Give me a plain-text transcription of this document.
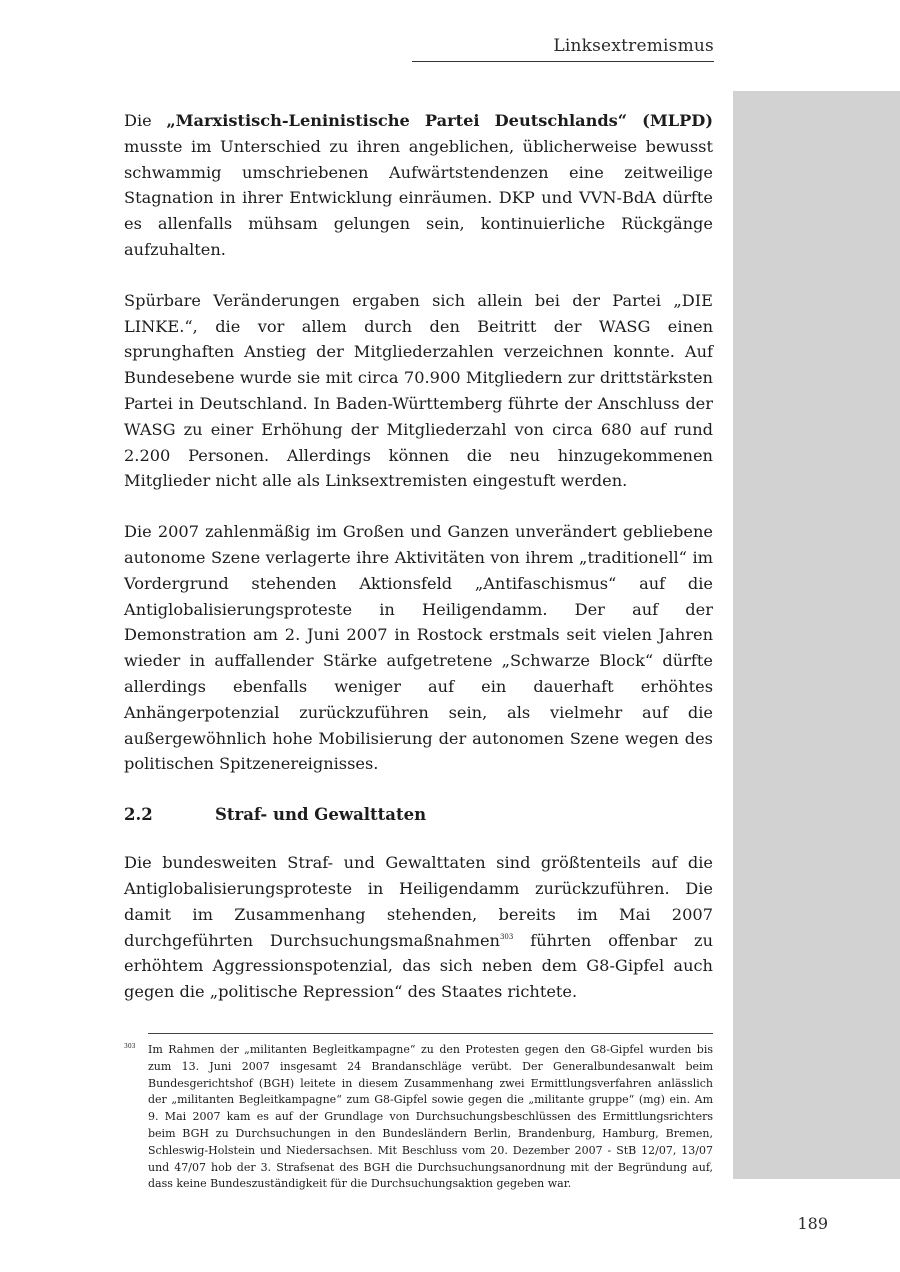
Linksextremismus

Die „Marxistisch-Leninistische Partei Deutschlands“ (MLPD) musste im Unterschied zu ihren angeblichen, üblicherweise bewusst schwammig umschriebenen Aufwärtstendenzen eine zeitweilige Stagnation in ihrer Entwicklung einräumen. DKP und VVN-BdA dürfte es allenfalls mühsam gelungen sein, kontinuierliche Rückgänge aufzuhalten.

Spürbare Veränderungen ergaben sich allein bei der Partei „DIE LINKE.“, die vor allem durch den Beitritt der WASG einen sprunghaften Anstieg der Mitgliederzahlen verzeichnen konnte. Auf Bundesebene wurde sie mit circa 70.900 Mitgliedern zur drittstärksten Partei in Deutschland. In Baden-Württemberg führte der Anschluss der WASG zu einer Erhöhung der Mitgliederzahl von circa 680 auf rund 2.200 Personen. Allerdings können die neu hinzugekommenen Mitglieder nicht alle als Linksextremisten eingestuft werden.

Die 2007 zahlenmäßig im Großen und Ganzen unverändert gebliebene autonome Szene verlagerte ihre Aktivitäten von ihrem „traditionell“ im Vordergrund stehenden Aktionsfeld „Antifaschismus“ auf die Antiglobalisierungsproteste in Heiligendamm. Der auf der Demonstration am 2. Juni 2007 in Rostock erstmals seit vielen Jahren wieder in auffallender Stärke aufgetretene „Schwarze Block“ dürfte allerdings ebenfalls weniger auf ein dauerhaft erhöhtes Anhängerpotenzial zurückzuführen sein, als vielmehr auf die außergewöhnlich hohe Mobilisierung der autonomen Szene wegen des politischen Spitzenereignisses.

2.2	Straf- und Gewalttaten

Die bundesweiten Straf- und Gewalttaten sind größtenteils auf die Antiglobalisierungsproteste in Heiligendamm zurückzuführen. Die damit im Zusammenhang stehenden, bereits im Mai 2007 durchgeführten Durchsuchungsmaßnahmen$^{303}$ führten offenbar zu erhöhtem Aggressionspotenzial, das sich neben dem G8-Gipfel auch gegen die „politische Repression“ des Staates richtete.

303 Im Rahmen der „militanten Begleitkampagne“ zu den Protesten gegen den G8-Gipfel wurden bis zum 13. Juni 2007 insgesamt 24 Brandanschläge verübt. Der Generalbundesanwalt beim Bundesgerichtshof (BGH) leitete in diesem Zusammenhang zwei Ermittlungsverfahren anlässlich der „militanten Begleitkampagne“ zum G8-Gipfel sowie gegen die „militante gruppe“ (mg) ein. Am 9. Mai 2007 kam es auf der Grundlage von Durchsuchungsbeschlüssen des Ermittlungsrichters beim BGH zu Durchsuchungen in den Bundesländern Berlin, Brandenburg, Hamburg, Bremen, Schleswig-Holstein und Niedersachsen. Mit Beschluss vom 20. Dezember 2007 - StB 12/07, 13/07 und 47/07 hob der 3. Strafsenat des BGH die Durchsuchungsanordnung mit der Begründung auf, dass keine Bundeszuständigkeit für die Durchsuchungsaktion gegeben war.
189
